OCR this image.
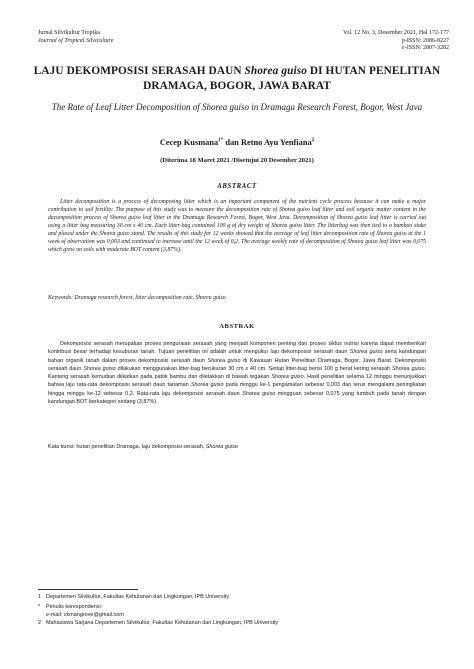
Jurnal Silvikultur Tropika
Journal of Tropical Silviculture
Vol. 12 No. 3, Desember 2021, Hal 172-177
p-ISSN: 2086-8227
e-ISSN: 2807-3282
LAJU DEKOMPOSISI SERASAH DAUN Shorea guiso DI HUTAN PENELITIAN DRAMAGA, BOGOR, JAWA BARAT
The Rate of Leaf Litter Decomposition of Shorea guiso in Dramaga Research Forest, Bogor, West Java
Cecep Kusmana$^{1*}$ dan Retno Ayu Yenfiana$^2$
(Diterima 18 Maret 2021 /Disetujui 20 Desember 2021)
ABSTRACT
Litter decomposition is a process of decomposing litter which is an important component of the nutrient cycle process because it can make a major contribution to soil fertility. The purpose of this study was to measure the decomposition rate of Shorea guiso leaf litter and soil organic matter content in the decomposition process of Shorea guiso leaf litter in the Dramaga Research Forest, Bogor, West Java. Decomposition of Shorea guiso leaf litter is carried out using a litter bag measuring 30 cm x 40 cm. Each litter-bag contained 100 g of dry weight of Shorea guiso litter. The litterbag was then tied to a bamboo stake and placed under the Shorea guiso stand. The results of this study for 12 weeks showed that the average of leaf litter decomposition rate of Shorea guiso at the 1 week of observation was 0,003 and continued to increase until the 12 week of 0,2. The average weekly rate of decomposition of Shorea guiso leaf litter was 0,075 which grew on soils with moderate BOT content (3,87%).
Keywords: Dramaga research forest, litter decomposition rate, Shorea guiso
ABSTRAK
Dekomposisi serasah merupakan proses penguraian serasah yang menjadi komponen penting dari proses siklus nutrisi karena dapat memberikan kontribusi besar terhadap kesuburan tanah. Tujuan penelitian ini adalah untuk mengukur laju dekomposisi serasah daun Shorea guiso serta kandungan bahan organik tanah dalam proses dekomposisi serasah daun Shorea guiso di Kawasan Hutan Penelitian Dramaga, Bogor, Jawa Barat. Dekomposisi serasah daun Shorea guiso dilakukan menggunakan litter-bag berukuran 30 cm x 40 cm. Setiap litter-bag berisi 100 g berat kering serasah Shorea guiso. Kantong serasah kemudian diikatkan pada patok bambu dan diletakkan di bawah tegakan Shorea guiso. Hasil penelitian selama 12 minggu menunjukkan bahwa laju rata-rata dekomposisi serasah daun tanaman Shorea guiso pada minggu ke-1 pengamatan sebesar 0,003 dan terus mengalami peningkatan hingga minggu ke-12 sebesar 0,2. Rata-rata laju dekomposisi serasah daun Shorea guiso mingguan sebesar 0,075 yang tumbuh pada tanah dengan kandungan BOT berkategori sedang (3,87%).
Kata kunci: hutan penelitian Dramaga, laju dekomposisi serasah, Shorea guiso
1 Departemen Silvikultur, Fakultas Kehutanan dan Lingkungan, IPB University
* Penulis korespondensi:
e-mail: ckmangrove@gmail.com
2 Mahasiswa Sarjana Departemen Silvikultur, Fakultas Kehutanan dan Lingkungan, IPB University
